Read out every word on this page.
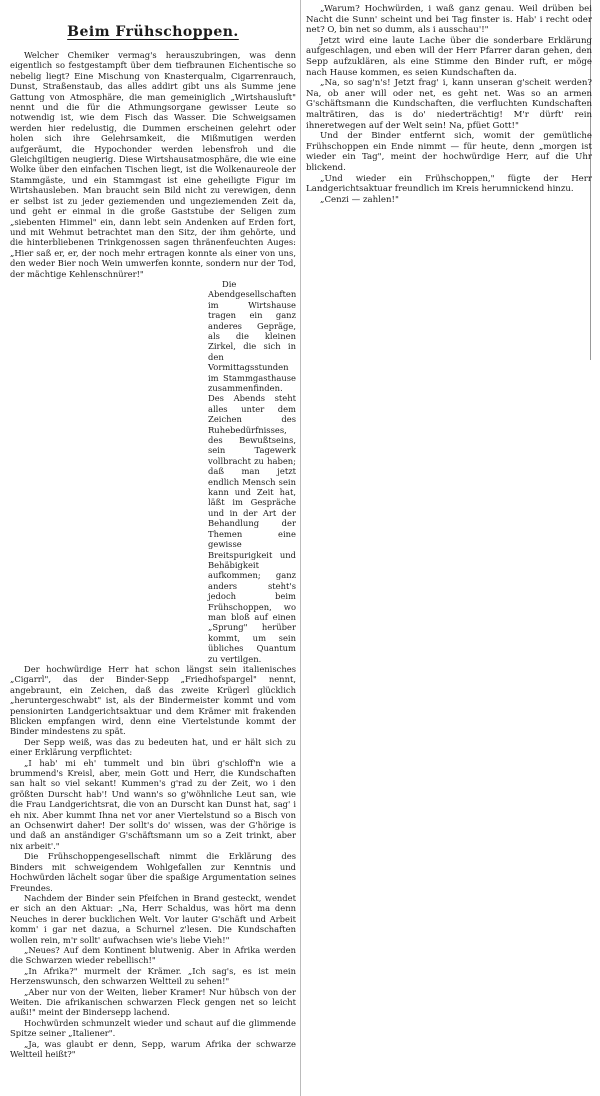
Beim Frühschoppen.

Welcher Chemiker vermag's herauszubringen, was denn eigentlich so festgestampft über dem tiefbraunen Eichentische so nebelig liegt? Eine Mischung von Knasterqualm, Cigarrenrauch, Dunst, Straßenstaub, das alles addirt gibt uns als Summe jene Gattung von Atmosphäre, die man gemeiniglich „Wirtshausluft" nennt und die für die Athmungsorgane gewisser Leute so notwendig ist, wie dem Fisch das Wasser. Die Schweigsamen werden hier redelustig, die Dummen erscheinen gelehrt oder holen sich ihre Gelehrsamkeit, die Mißmutigen werden aufgeräumt, die Hypochonder werden lebensfroh und die Gleichgiltigen neugierig. Diese Wirtshausatmosphäre, die wie eine Wolke über den einfachen Tischen liegt, ist die Wolkenaureole der Stammgäste, und ein Stammgast ist eine geheiligte Figur im Wirtshausleben. Man braucht sein Bild nicht zu verewigen, denn er selbst ist zu jeder geziemenden und ungeziemenden Zeit da, und geht er einmal in die große Gaststube der Seligen zum „siebenten Himmel" ein, dann lebt sein Andenken auf Erden fort, und mit Wehmut betrachtet man den Sitz, der ihm gehörte, und die hinterbliebenen Trinkgenossen sagen thränenfeuchten Auges: „Hier saß er, er, der noch mehr ertragen konnte als einer von uns, den weder Bier noch Wein umwerfen konnte, sondern nur der Tod, der mächtige Kehlenschnürer!"

Die Abendgesellschaften im Wirtshause tragen ein ganz anderes Gepräge, als die kleinen Zirkel, die sich in den Vormittagsstunden im Stammgasthause zusammenfinden. Des Abends steht alles unter dem Zeichen des Ruhebedürfnisses, des Bewußtseins, sein Tagewerk vollbracht zu haben; daß man jetzt endlich Mensch sein kann und Zeit hat, läßt im Gespräche und in der Art der Behandlung der Themen eine gewisse Breitspurigkeit und Behäbigkeit aufkommen; ganz anders steht's jedoch beim Frühschoppen, wo man bloß auf einen „Sprung" herüber kommt, um sein übliches Quantum zu vertilgen.

Der hochwürdige Herr hat schon längst sein italienisches „Cigarrl", das der Binder-Sepp „Friedhofspargel" nennt, angebraunt, ein Zeichen, daß das zweite Krügerl glücklich „heruntergeschwabt" ist, als der Bindermeister kommt und vom pensionirten Landgerichtsaktuar und dem Krämer mit frakenden Blicken empfangen wird, denn eine Viertelstunde kommt der Binder mindestens zu spät.

Der Sepp weiß, was das zu bedeuten hat, und er hält sich zu einer Erklärung verpflichtet:

„I hab' mi eh' tummelt und bin übri g'schloff'n wie a brummend's Kreisl, aber, mein Gott und Herr, die Kundschaften san halt so viel sekant! Kummen's g'rad zu der Zeit, wo i den größten Durscht hab'! Und wann's so g'wöhnliche Leut san, wie die Frau Landgerichtsrat, die von an Durscht kan Dunst hat, sag' i eh nix. Aber kummt Ihna net vor aner Viertelstund so a Bisch von an Ochsenwirt daher! Der sollt's do' wissen, was der G'hörige is und daß an anständiger G'schäftsmann um so a Zeit trinkt, aber nix arbeit'."

Die Frühschoppengesellschaft nimmt die Erklärung des Binders mit schweigendem Wohlgefallen zur Kenntnis und Hochwürden lächelt sogar über die spaßige Argumentation seines Freundes.

Nachdem der Binder sein Pfeifchen in Brand gesteckt, wendet er sich an den Aktuar: „Na, Herr Schaldus, was hört ma denn Neuches in derer bucklichen Welt. Vor lauter G'schäft und Arbeit komm' i gar net dazua, a Schurnel z'lesen. Die Kundschaften wollen rein, m'r sollt' aufwachsen wie's liebe Vieh!"

„Neues? Auf dem Kontinent blutwenig. Aber in Afrika werden die Schwarzen wieder rebellisch!"

„In Afrika?" murmelt der Krämer. „Ich sag's, es ist mein Herzenswunsch, den schwarzen Weltteil zu sehen!"

„Aber nur von der Weiten, lieber Kramer! Nur hübsch von der Weiten. Die afrikanischen schwarzen Fleck gengen net so leicht außi!" meint der Bindersepp lachend.

Hochwürden schmunzelt wieder und schaut auf die glimmende Spitze seiner „Italiener".

„Ja, was glaubt er denn, Sepp, warum Afrika der schwarze Weltteil heißt?"

„Warum? Hochwürden, i waß ganz genau. Weil drüben bei Nacht die Sunn' scheint und bei Tag finster is. Hab' i recht oder net? O, bin net so dumm, als i ausschau'!"

Jetzt wird eine laute Lache über die sonderbare Erklärung aufgeschlagen, und eben will der Herr Pfarrer daran gehen, den Sepp aufzuklären, als eine Stimme den Binder ruft, er möge nach Hause kommen, es seien Kundschaften da.

„Na, so sag'n's! Jetzt frag' i, kann unseran g'scheit werden? Na, ob aner will oder net, es geht net. Was so an armen G'schäftsmann die Kundschaften, die verfluchten Kundschaften malträtiren, das is do' niederträchtig! M'r dürft' rein ihneretwegen auf der Welt sein! Na, pfüet Gott!"

Und der Binder entfernt sich, womit der gemütliche Frühschoppen ein Ende nimmt — für heute, denn „morgen ist wieder ein Tag", meint der hochwürdige Herr, auf die Uhr blickend.

„Und wieder ein Frühschoppen," fügte der Herr Landgerichtsaktuar freundlich im Kreis herumnickend hinzu.

„Cenzi — zahlen!"
